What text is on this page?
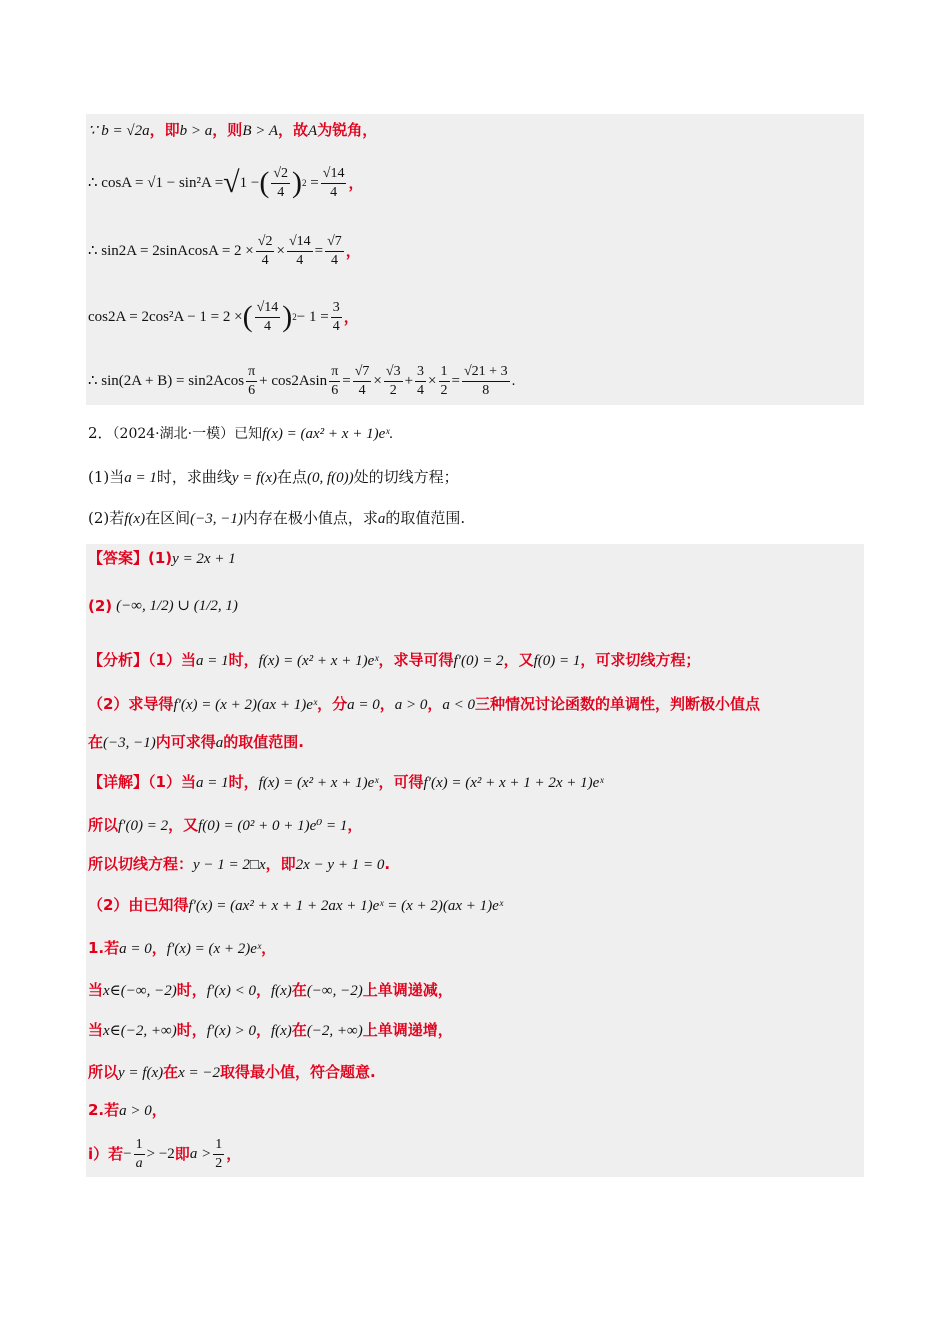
∵ b = √2a，即b > a，则B > A，故A为锐角，
∴ cosA = √1 − sin²A = √ 1 − ( $\frac{√2}{4}$ ) $2 = \frac{√14}{4}$ ，
∴ sin2A = 2sinAcosA = $2 \times \frac{√2}{4} \times \frac{√14}{4} = \frac{√7}{4}$ ，
cos2A = 2cos²A − 1 = 2 × ( $\frac{√14}{4}$ ) $2 - 1 = \frac{3}{4}$ ，
∴ $\sin(2A + B) = \sin 2Acos \frac{\pi}{6} + \cos 2Asin \frac{\pi}{6} = \frac{√7}{4} \times \frac{√3}{2} + \frac{3}{4} \times \frac{1}{2} = \frac{√21 + 3}{8}$ .
2．（2024·湖北·一模）已知f(x) = (ax² + x + 1)eˣ.
(1)当a = 1时，求曲线y = f(x)在点(0, f(0))处的切线方程；
(2)若f(x)在区间(−3, −1)内存在极小值点，求a的取值范围.
【答案】(1)y = 2x + 1
(2) (−∞, 1/2) ∪ (1/2, 1)
【分析】（1）当a = 1时，f(x) = (x² + x + 1)eˣ，求导可得f′(0) = 2，又f(0) = 1，可求切线方程；
（2）求导得f′(x) = (x + 2)(ax + 1)eˣ，分a = 0，a > 0，a < 0三种情况讨论函数的单调性，判断极小值点
在(−3, −1)内可求得a的取值范围.
【详解】（1）当a = 1时，f(x) = (x² + x + 1)eˣ，可得f′(x) = (x² + x + 1 + 2x + 1)eˣ
所以f′(0) = 2，又f(0) = (0² + 0 + 1)e⁰ = 1，
所以切线方程：y − 1 = 2□x，即2x − y + 1 = 0.
（2）由已知得f′(x) = (ax² + x + 1 + 2ax + 1)eˣ = (x + 2)(ax + 1)eˣ
1.若a = 0，f′(x) = (x + 2)eˣ，
当x∈(−∞, −2)时，f′(x) < 0，f(x)在(−∞, −2)上单调递减，
当x∈(−2, +∞)时，f′(x) > 0，f(x)在(−2, +∞)上单调递增，
所以y = f(x)在x = −2取得最小值，符合题意.
2.若a > 0，
i）若 − $\frac{1}{a} > -2$ 即 $a > \frac{1}{2}$ ，
